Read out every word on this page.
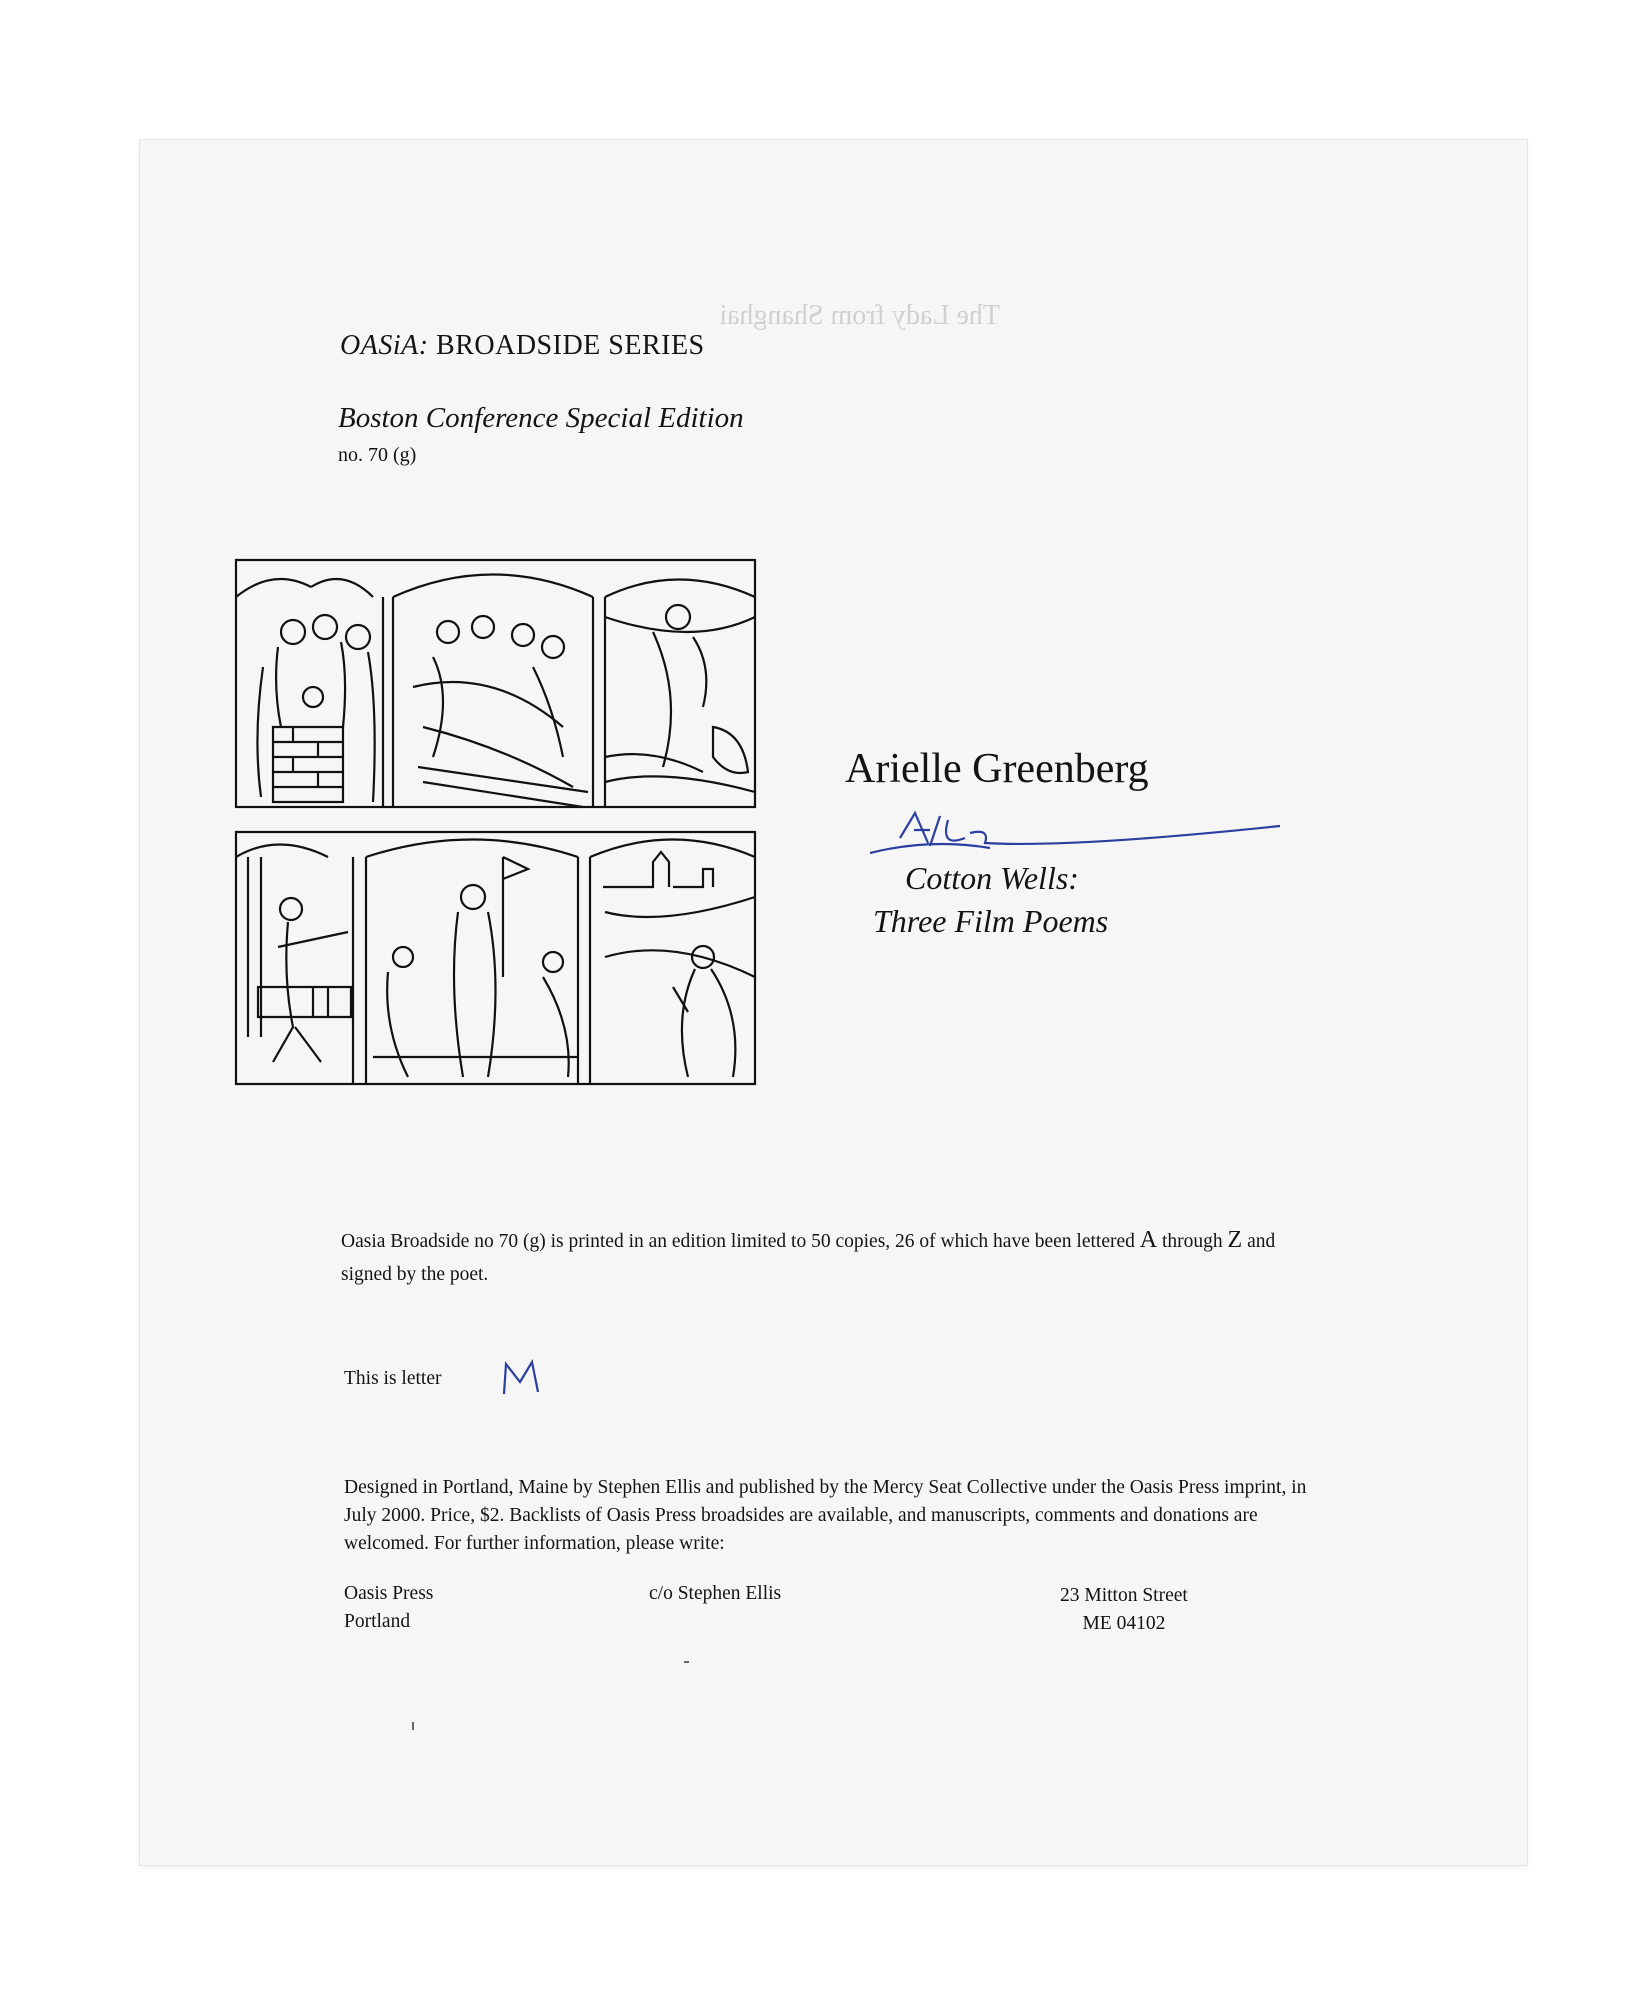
The Lady from Shanghai
OASiA: BROADSIDE SERIES
Boston Conference Special Edition
no. 70 (g)
Arielle Greenberg
Cotton Wells:
Three Film Poems
Oasia Broadside no 70 (g) is printed in an edition limited to 50 copies, 26 of which have been lettered A through Z and signed by the poet.
This is letter
Designed in Portland, Maine by Stephen Ellis and published by the Mercy Seat Collective under the Oasis Press imprint, in July 2000. Price, $2. Backlists of Oasis Press broadsides are available, and manuscripts, comments and donations are welcomed. For further information, please write:
Oasis Press
Portland
c/o Stephen Ellis	23 Mitton Street
ME 04102
